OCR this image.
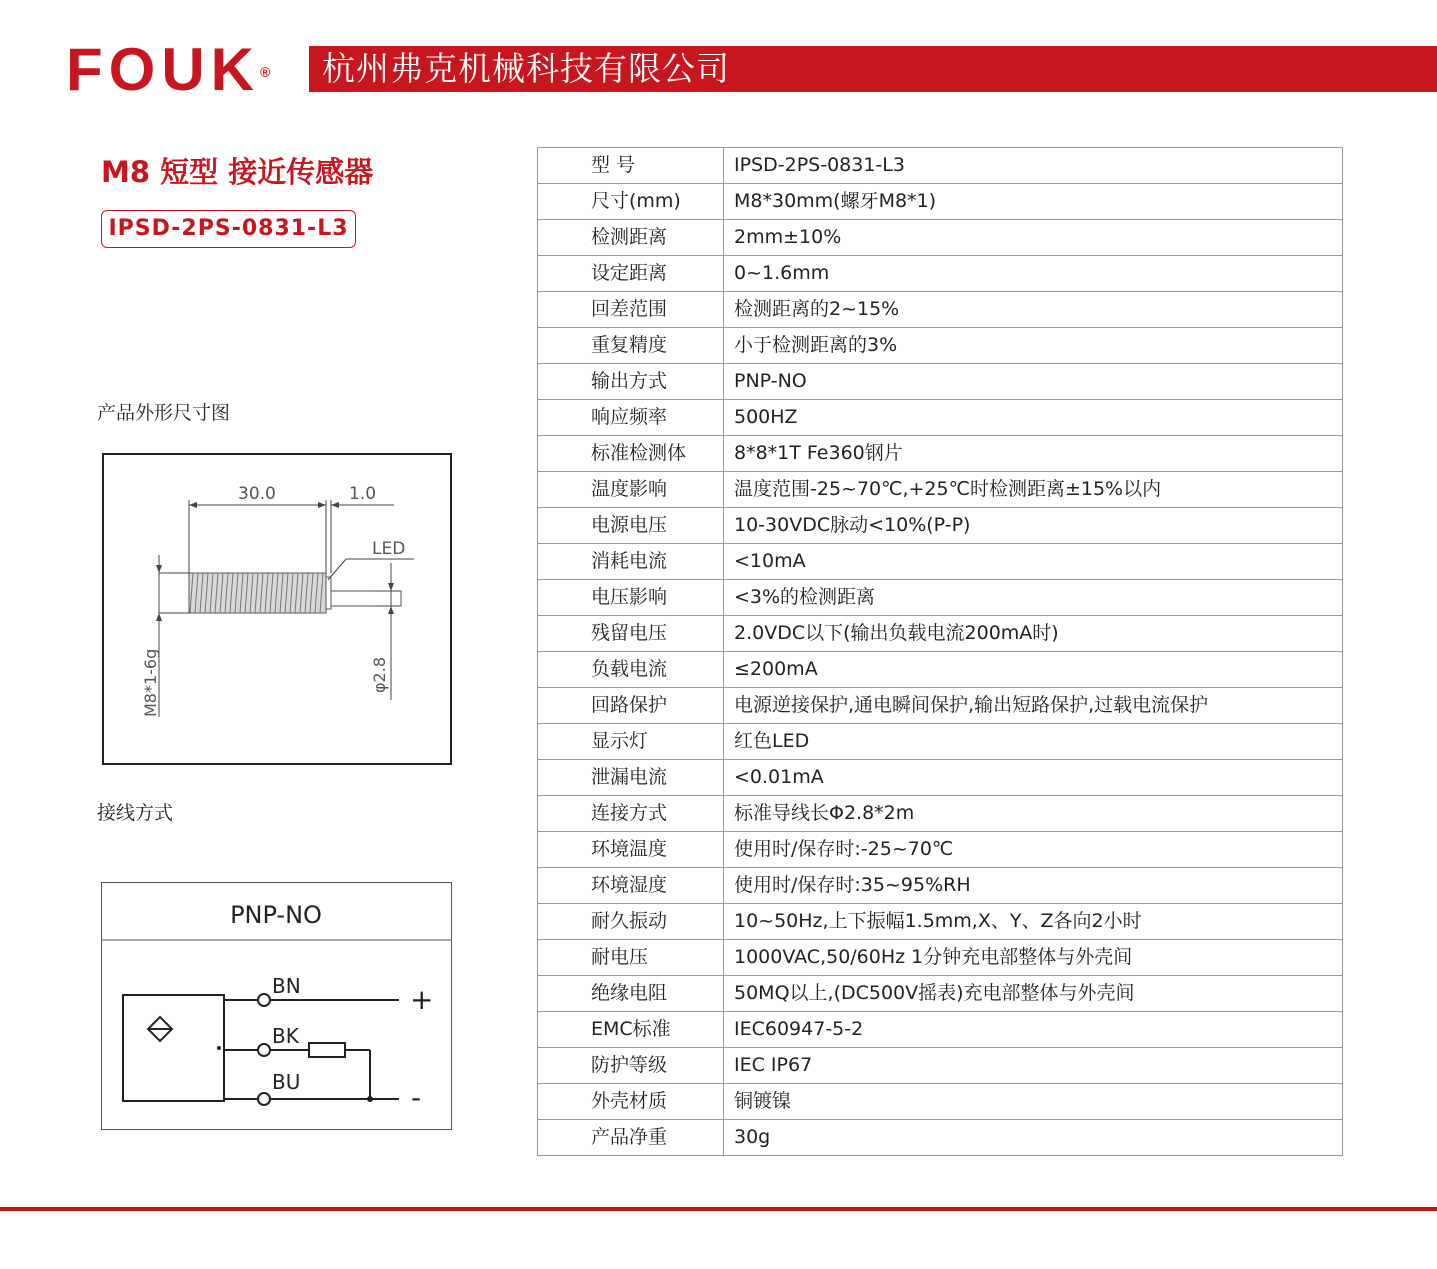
FOUK® 杭州弗克机械科技有限公司
M8 短型 接近传感器
IPSD-2PS-0831-L3
产品外形尺寸图
30.0	1.0
LED
M8*1-6g	φ2.8
接线方式
PNP-NO
BN	+
BK
BU	-
型 号	IPSD-2PS-0831-L3
尺寸(mm)	M8*30mm(螺牙M8*1)
检测距离	2mm±10%
设定距离	0~1.6mm
回差范围	检测距离的2~15%
重复精度	小于检测距离的3%
输出方式	PNP-NO
响应频率	500HZ
标准检测体	8*8*1T Fe360钢片
温度影响	温度范围-25~70℃,+25℃时检测距离±15%以内
电源电压	10-30VDC脉动<10%(P-P)
消耗电流	<10mA
电压影响	<3%的检测距离
残留电压	2.0VDC以下(输出负载电流200mA时)
负载电流	≤200mA
回路保护	电源逆接保护,通电瞬间保护,输出短路保护,过载电流保护
显示灯	红色LED
泄漏电流	<0.01mA
连接方式	标准导线长Φ2.8*2m
环境温度	使用时/保存时:-25~70℃
环境湿度	使用时/保存时:35~95%RH
耐久振动	10~50Hz,上下振幅1.5mm,X、Y、Z各向2小时
耐电压	1000VAC,50/60Hz 1分钟充电部整体与外壳间
绝缘电阻	50MQ以上,(DC500V摇表)充电部整体与外壳间
EMC标准	IEC60947-5-2
防护等级	IEC IP67
外壳材质	铜镀镍
产品净重	30g
